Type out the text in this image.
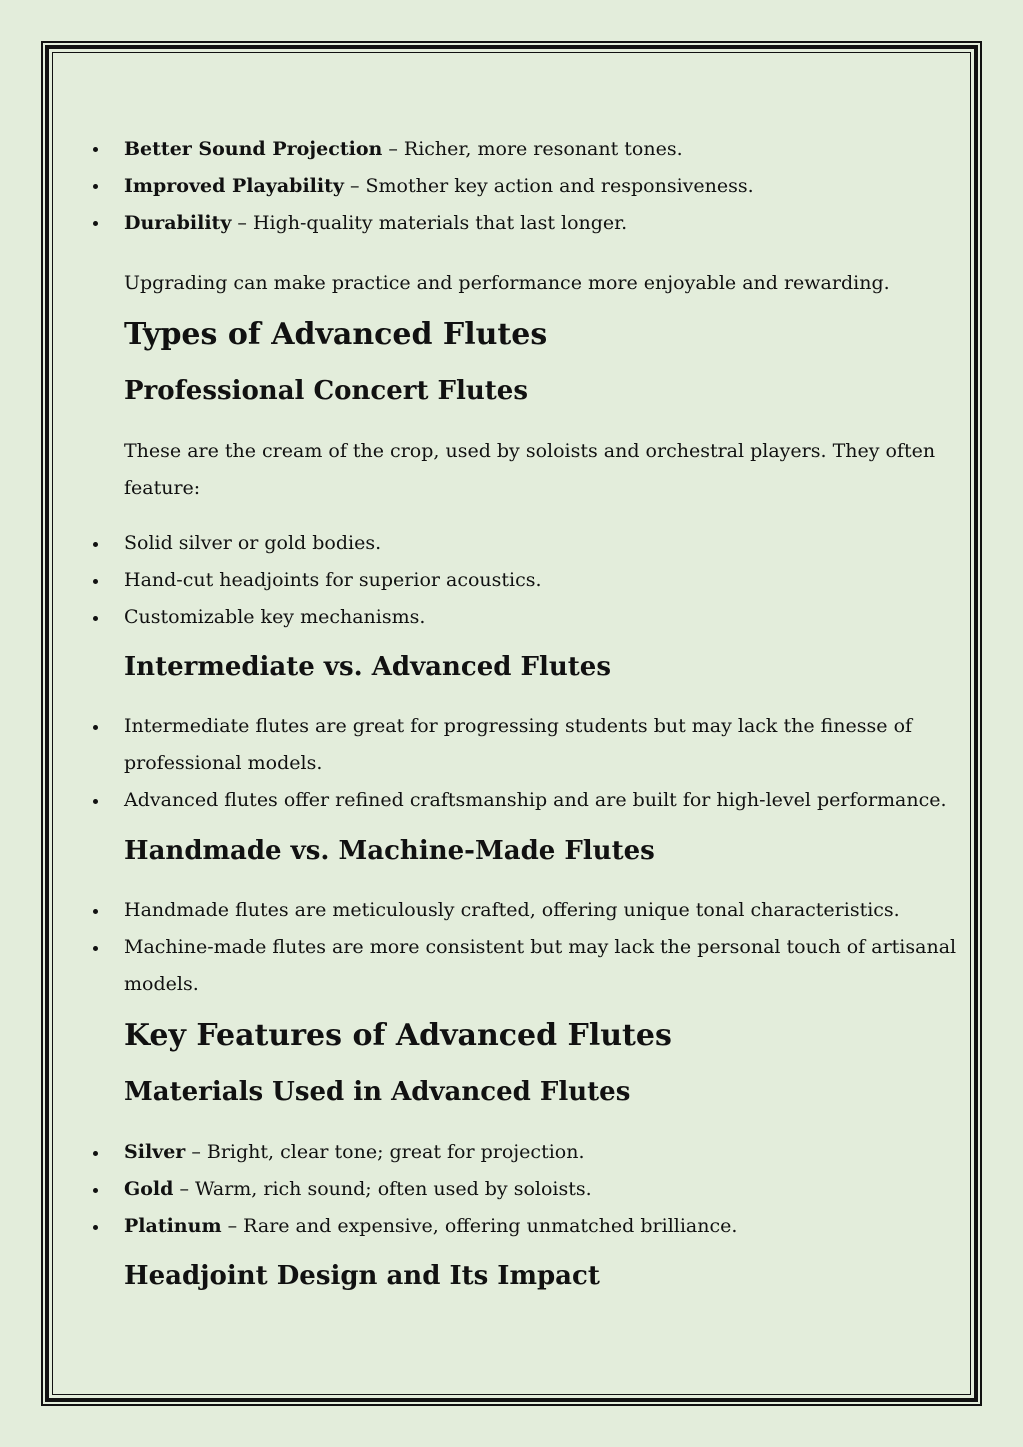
Better Sound Projection – Richer, more resonant tones.
Improved Playability – Smother key action and responsiveness.
Durability – High-quality materials that last longer.
Upgrading can make practice and performance more enjoyable and rewarding.
Types of Advanced Flutes
Professional Concert Flutes
These are the cream of the crop, used by soloists and orchestral players. They often
feature:
Solid silver or gold bodies.
Hand-cut headjoints for superior acoustics.
Customizable key mechanisms.
Intermediate vs. Advanced Flutes
Intermediate flutes are great for progressing students but may lack the finesse of
professional models.
Advanced flutes offer refined craftsmanship and are built for high-level performance.
Handmade vs. Machine-Made Flutes
Handmade flutes are meticulously crafted, offering unique tonal characteristics.
Machine-made flutes are more consistent but may lack the personal touch of artisanal
models.
Key Features of Advanced Flutes
Materials Used in Advanced Flutes
Silver – Bright, clear tone; great for projection.
Gold – Warm, rich sound; often used by soloists.
Platinum – Rare and expensive, offering unmatched brilliance.
Headjoint Design and Its Impact
